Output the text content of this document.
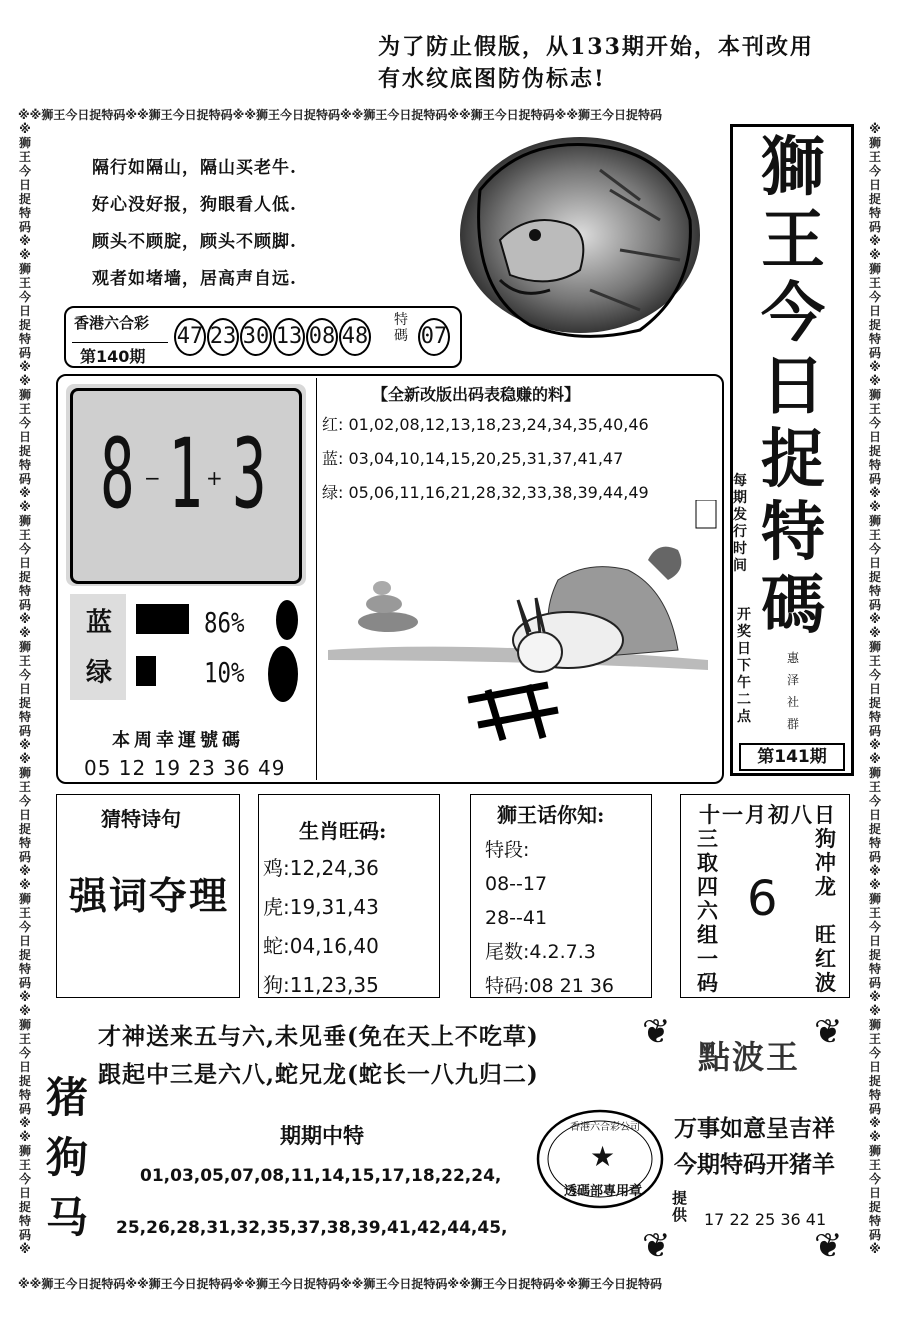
为了防止假版，从133期开始，本刊改用
有水纹底图防伪标志!
※※狮王今日捉特码※※狮王今日捉特码※※狮王今日捉特码※※狮王今日捉特码※※狮王今日捉特码※※狮王今日捉特码
※※狮王今日捉特码※※狮王今日捉特码※※狮王今日捉特码※※狮王今日捉特码※※狮王今日捉特码※※狮王今日捉特码
※狮王今日捉特码※※狮王今日捉特码※※狮王今日捉特码※※狮王今日捉特码※※狮王今日捉特码※※狮王今日捉特码※※狮王今日捉特码※※狮王今日捉特码※※狮王今日捉特码※
※狮王今日捉特码※※狮王今日捉特码※※狮王今日捉特码※※狮王今日捉特码※※狮王今日捉特码※※狮王今日捉特码※※狮王今日捉特码※※狮王今日捉特码※※狮王今日捉特码※
隔行如隔山，隔山买老牛.
好心没好报，狗眼看人低.
顾头不顾腚，顾头不顾脚.
观者如堵墙，居高声自远.
香港六合彩
第140期
47 23 30 13 08 48
特碼 07
獅
王
今
日
捉
特
碼
每期发行时间
开奖日下午二点
惠
泽
社
群
第141期
8 − 1 + 3
蓝
绿
86%
10%
本周幸運號碼
05 12 19 23 36 49
【全新改版出码表稳赚的料】
红: 01,02,08,12,13,18,23,24,34,35,40,46
蓝: 03,04,10,14,15,20,25,31,37,41,47
绿: 05,06,11,16,21,28,32,33,38,39,44,49
猜特诗句
强词夺理
生肖旺码:
鸡:12,24,36
虎:19,31,43
蛇:04,16,40
狗:11,23,35
狮王话你知:
特段:
08--17
28--41
尾数:4.2.7.3
特码:08 21 36
十一月初八日
三取四六组一码
6
狗冲龙
旺红波
才神送来五与六,未见垂(免在天上不吃草)
跟起中三是六八,蛇兄龙(蛇长一八九归二)
猪
狗
马
期期中特
01,03,05,07,08,11,14,15,17,18,22,24,
25,26,28,31,32,35,37,38,39,41,42,44,45,
香港六合彩公司
★
透碼部專用章
❦	❦
❦	❦
點波王
万事如意呈吉祥
今期特码开猪羊
提供 17 22 25 36 41
